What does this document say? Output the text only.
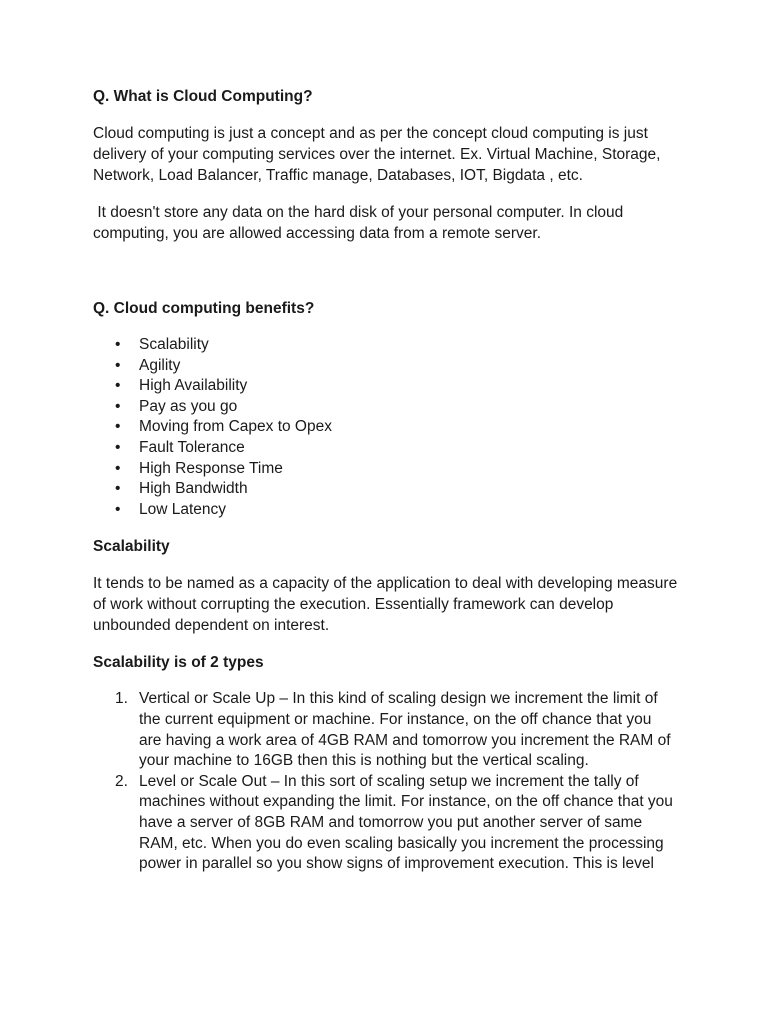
Q. What is Cloud Computing?

Cloud computing is just a concept and as per the concept cloud computing is just delivery of your computing services over the internet. Ex. Virtual Machine, Storage, Network, Load Balancer, Traffic manage, Databases, IOT, Bigdata , etc.

It doesn't store any data on the hard disk of your personal computer. In cloud computing, you are allowed accessing data from a remote server.

Q. Cloud computing benefits?

• Scalability
• Agility
• High Availability
• Pay as you go
• Moving from Capex to Opex
• Fault Tolerance
• High Response Time
• High Bandwidth
• Low Latency

Scalability

It tends to be named as a capacity of the application to deal with developing measure of work without corrupting the execution. Essentially framework can develop unbounded dependent on interest.

Scalability is of 2 types

1. Vertical or Scale Up – In this kind of scaling design we increment the limit of the current equipment or machine. For instance, on the off chance that you are having a work area of 4GB RAM and tomorrow you increment the RAM of your machine to 16GB then this is nothing but the vertical scaling.
2. Level or Scale Out – In this sort of scaling setup we increment the tally of machines without expanding the limit. For instance, on the off chance that you have a server of 8GB RAM and tomorrow you put another server of same RAM, etc. When you do even scaling basically you increment the processing power in parallel so you show signs of improvement execution. This is level
